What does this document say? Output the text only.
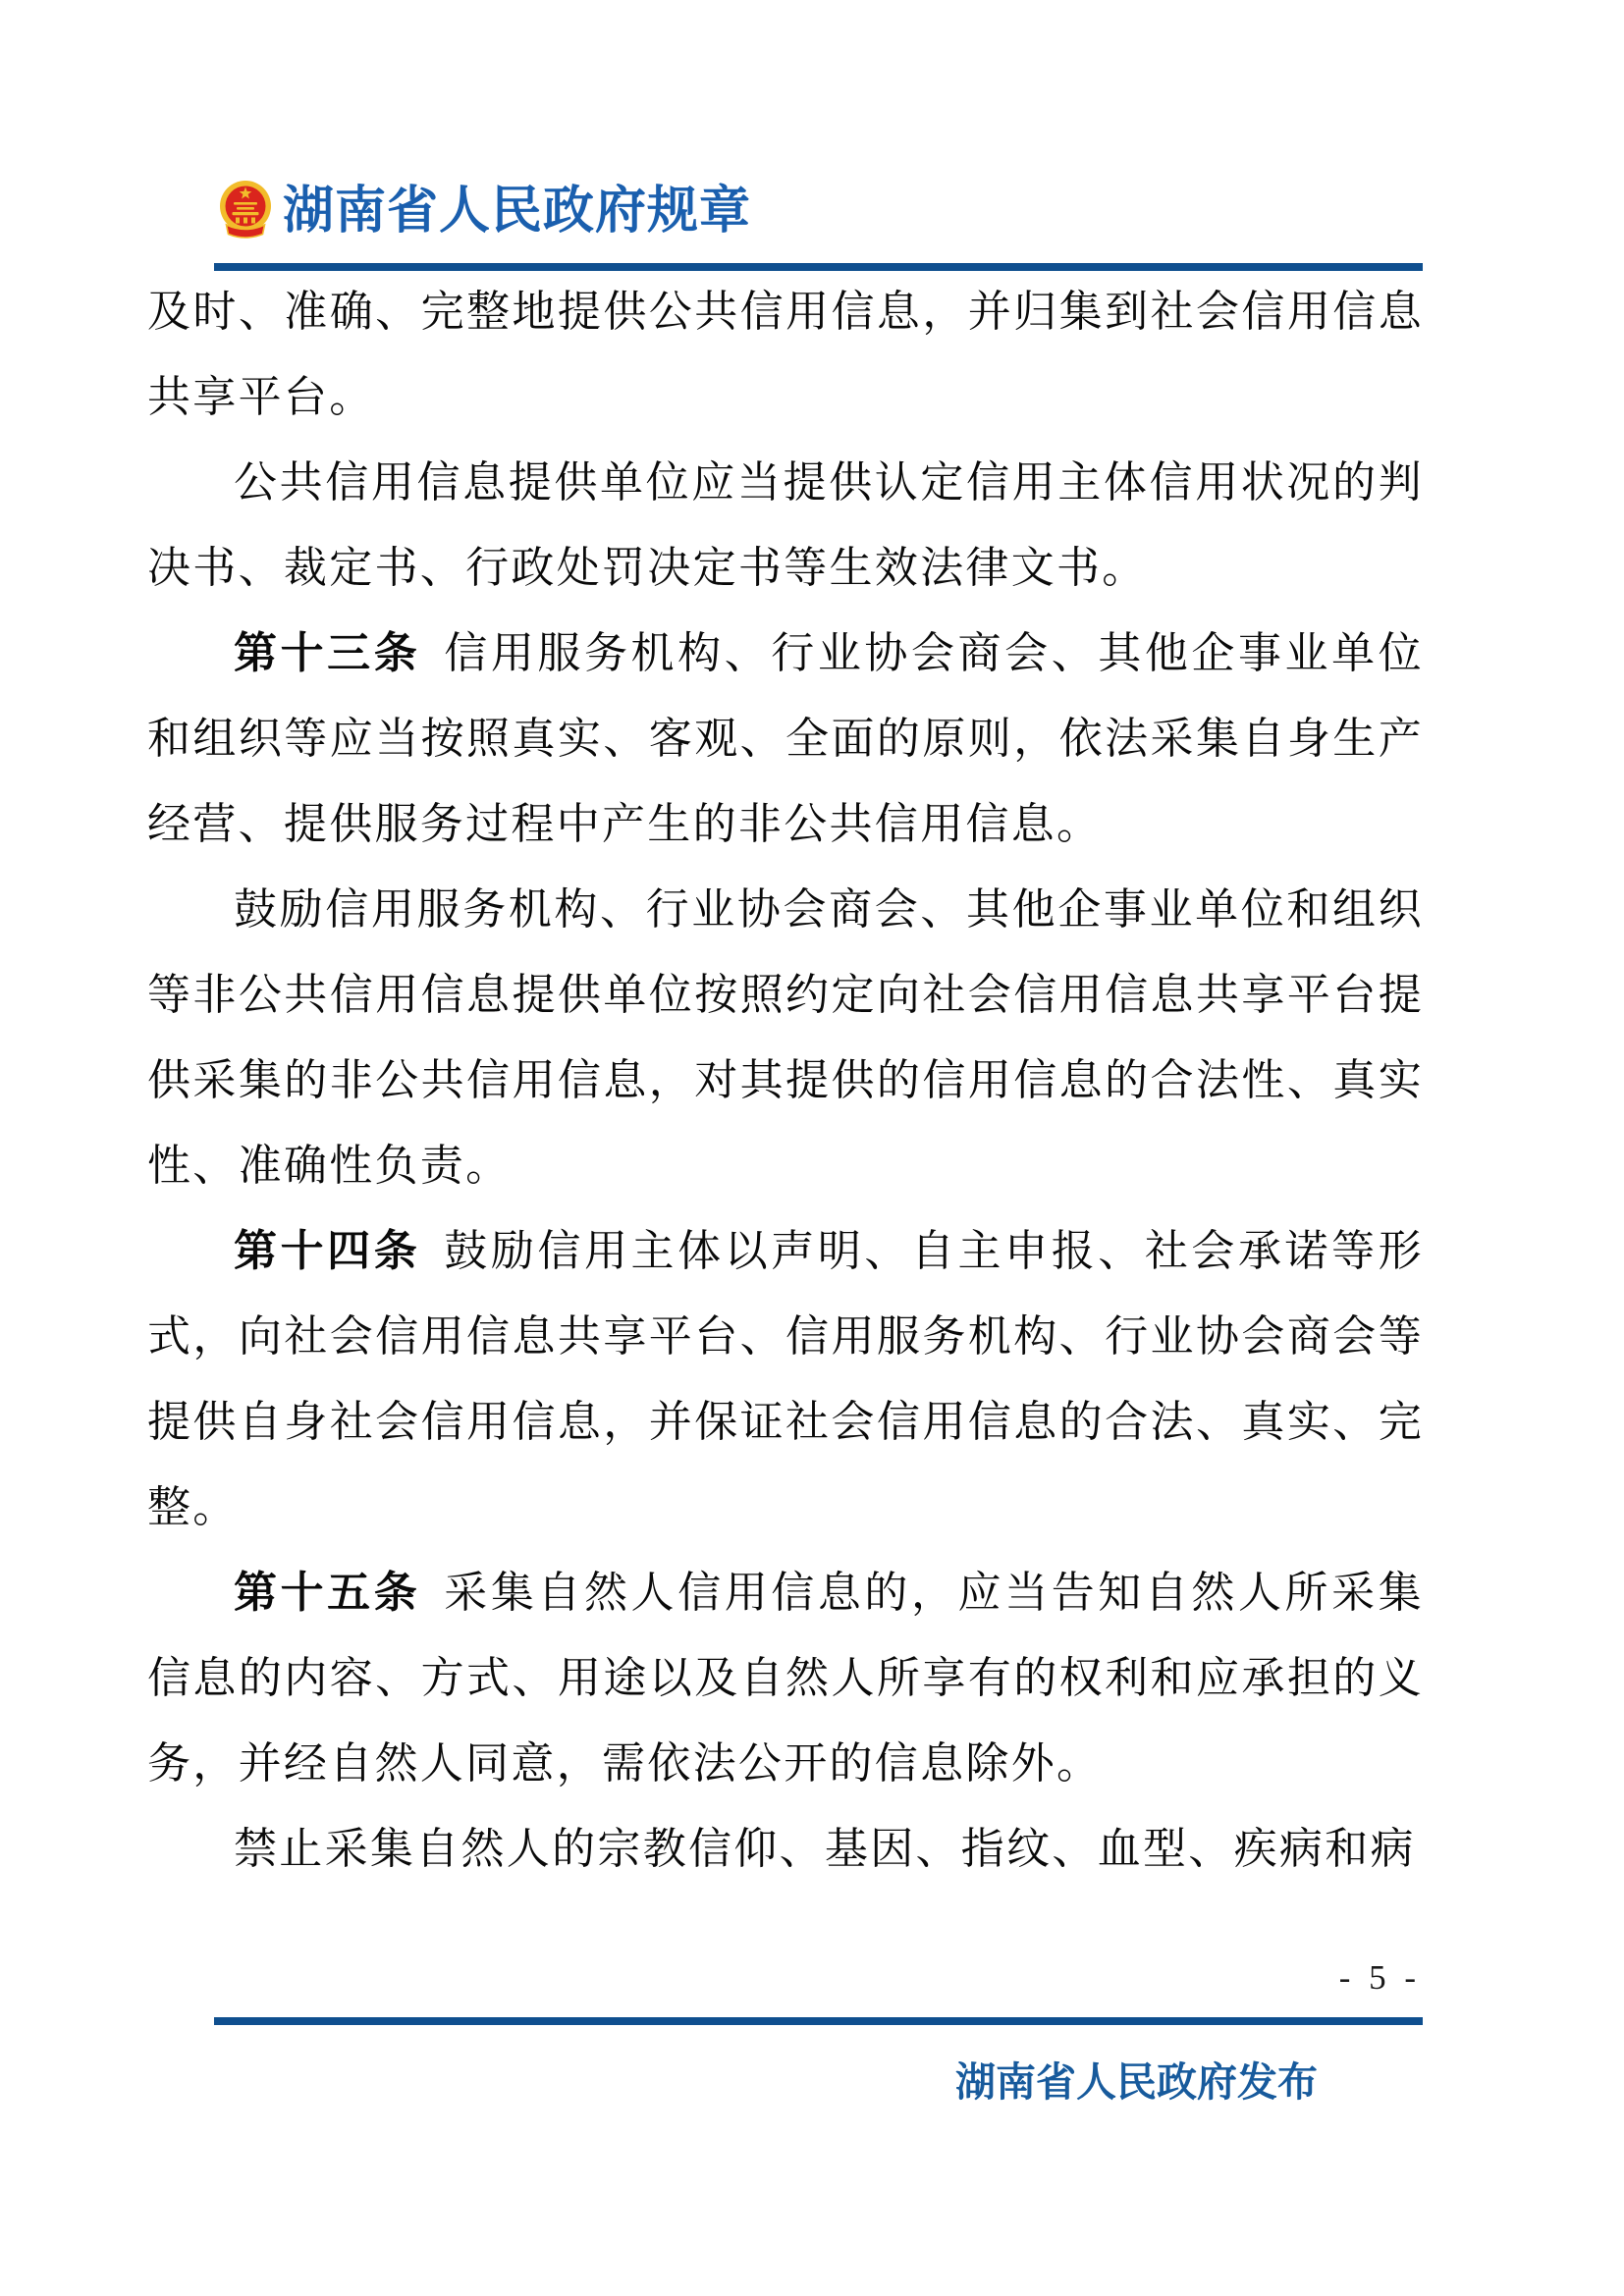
湖南省人民政府规章

及时、准确、完整地提供公共信用信息，并归集到社会信用信息共享平台。

公共信用信息提供单位应当提供认定信用主体信用状况的判决书、裁定书、行政处罚决定书等生效法律文书。

第十三条 信用服务机构、行业协会商会、其他企事业单位和组织等应当按照真实、客观、全面的原则，依法采集自身生产经营、提供服务过程中产生的非公共信用信息。

鼓励信用服务机构、行业协会商会、其他企事业单位和组织等非公共信用信息提供单位按照约定向社会信用信息共享平台提供采集的非公共信用信息，对其提供的信用信息的合法性、真实性、准确性负责。

第十四条 鼓励信用主体以声明、自主申报、社会承诺等形式，向社会信用信息共享平台、信用服务机构、行业协会商会等提供自身社会信用信息，并保证社会信用信息的合法、真实、完整。

第十五条 采集自然人信用信息的，应当告知自然人所采集信息的内容、方式、用途以及自然人所享有的权利和应承担的义务，并经自然人同意，需依法公开的信息除外。

禁止采集自然人的宗教信仰、基因、指纹、血型、疾病和病

- 5 -
湖南省人民政府发布
